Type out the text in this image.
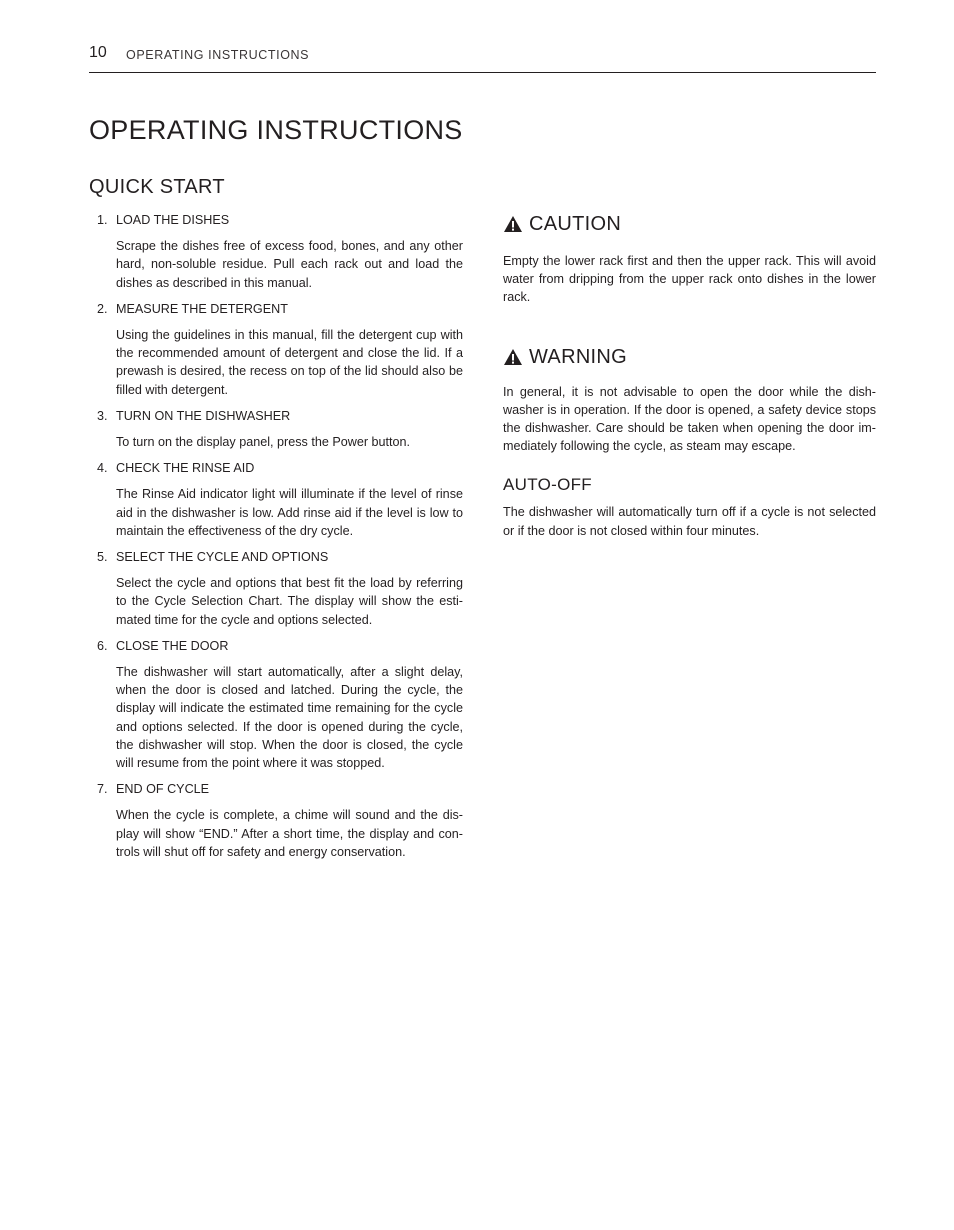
10 OPERATING INSTRUCTIONS
OPERATING INSTRUCTIONS
QUICK START
1. LOAD THE DISHES

Scrape the dishes free of excess food, bones, and any other hard, non-soluble residue. Pull each rack out and load the dishes as described in this manual.

2. MEASURE THE DETERGENT

Using the guidelines in this manual, fill the detergent cup with the recommended amount of detergent and close the lid. If a prewash is desired, the recess on top of the lid should also be filled with detergent.

3. TURN ON THE DISHWASHER

To turn on the display panel, press the Power button.

4. CHECK THE RINSE AID

The Rinse Aid indicator light will illuminate if the level of rinse aid in the dishwasher is low. Add rinse aid if the level is low to maintain the effectiveness of the dry cycle.

5. SELECT THE CYCLE AND OPTIONS

Select the cycle and options that best fit the load by referring to the Cycle Selection Chart. The display will show the esti-mated time for the cycle and options selected.

6. CLOSE THE DOOR

The dishwasher will start automatically, after a slight delay, when the door is closed and latched. During the cycle, the display will indicate the estimated time remaining for the cycle and options selected. If the door is opened during the cycle, the dishwasher will stop. When the door is closed, the cycle will resume from the point where it was stopped.

7. END OF CYCLE

When the cycle is complete, a chime will sound and the dis-play will show “END.” After a short time, the display and con-trols will shut off for safety and energy conservation.

CAUTION

Empty the lower rack first and then the upper rack. This will avoid water from dripping from the upper rack onto dishes in the lower rack.

WARNING

In general, it is not advisable to open the door while the dish-washer is in operation. If the door is opened, a safety device stops the dishwasher. Care should be taken when opening the door im-mediately following the cycle, as steam may escape.

AUTO-OFF

The dishwasher will automatically turn off if a cycle is not selected or if the door is not closed within four minutes.
